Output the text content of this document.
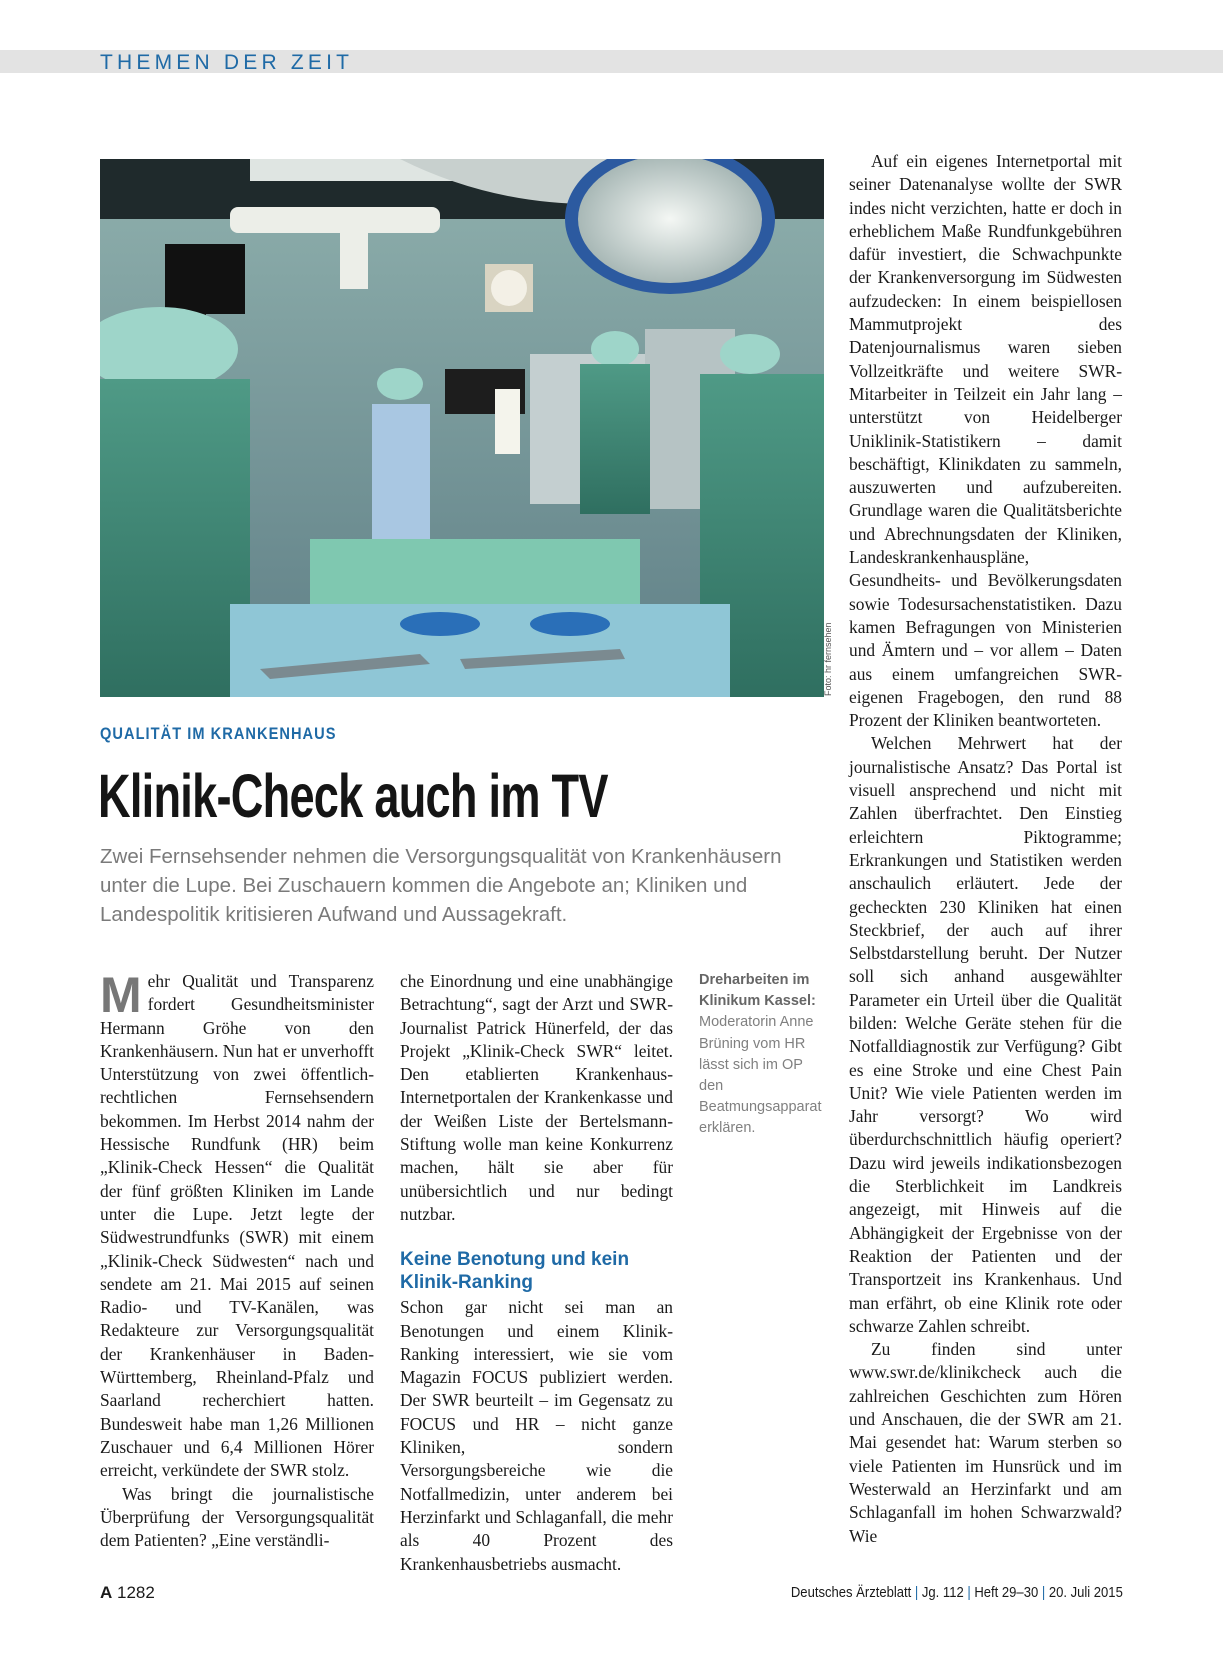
THEMEN DER ZEIT
Foto: hr fernsehen
QUALITÄT IM KRANKENHAUS
Klinik-Check auch im TV
Zwei Fernsehsender nehmen die Versorgungsqualität von Krankenhäusern unter die Lupe. Bei Zuschauern kommen die Angebote an; Kliniken und Landespolitik kritisieren Aufwand und Aussagekraft.

Mehr Qualität und Transparenz fordert Gesundheitsminister Hermann Gröhe von den Krankenhäusern. Nun hat er unverhofft Unterstützung von zwei öffentlich-rechtlichen Fernsehsendern bekommen. Im Herbst 2014 nahm der Hessische Rundfunk (HR) beim „Klinik-Check Hessen“ die Qualität der fünf größten Kliniken im Lande unter die Lupe. Jetzt legte der Südwestrundfunks (SWR) mit einem „Klinik-Check Südwesten“ nach und sendete am 21. Mai 2015 auf seinen Radio- und TV-Kanälen, was Redakteure zur Versorgungsqualität der Krankenhäuser in Baden-Württemberg, Rheinland-Pfalz und Saarland recherchiert hatten. Bundesweit habe man 1,26 Millionen Zuschauer und 6,4 Millionen Hörer erreicht, verkündete der SWR stolz.

Was bringt die journalistische Überprüfung der Versorgungsqualität dem Patienten? „Eine verständli-

che Einordnung und eine unabhängige Betrachtung“, sagt der Arzt und SWR-Journalist Patrick Hünerfeld, der das Projekt „Klinik-Check SWR“ leitet. Den etablierten Krankenhaus-Internetportalen der Krankenkasse und der Weißen Liste der Bertelsmann-Stiftung wolle man keine Konkurrenz machen, hält sie aber für unübersichtlich und nur bedingt nutzbar.

Keine Benotung und kein Klinik-Ranking

Schon gar nicht sei man an Benotungen und einem Klinik-Ranking interessiert, wie sie vom Magazin FOCUS publiziert werden. Der SWR beurteilt – im Gegensatz zu FOCUS und HR – nicht ganze Kliniken, sondern Versorgungsbereiche wie die Notfallmedizin, unter anderem bei Herzinfarkt und Schlaganfall, die mehr als 40 Prozent des Krankenhausbetriebs ausmacht.

Dreharbeiten im Klinikum Kassel:
Moderatorin Anne Brüning vom HR lässt sich im OP den Beatmungsapparat erklären.

Auf ein eigenes Internetportal mit seiner Datenanalyse wollte der SWR indes nicht verzichten, hatte er doch in erheblichem Maße Rundfunkgebühren dafür investiert, die Schwachpunkte der Krankenversorgung im Südwesten aufzudecken: In einem beispiellosen Mammutprojekt des Datenjournalismus waren sieben Vollzeitkräfte und weitere SWR-Mitarbeiter in Teilzeit ein Jahr lang – unterstützt von Heidelberger Uniklinik-Statistikern – damit beschäftigt, Klinikdaten zu sammeln, auszuwerten und aufzubereiten. Grundlage waren die Qualitätsberichte und Abrechnungsdaten der Kliniken, Landeskrankenhauspläne, Gesundheits- und Bevölkerungsdaten sowie Todesursachenstatistiken. Dazu kamen Befragungen von Ministerien und Ämtern und – vor allem – Daten aus einem umfangreichen SWR-eigenen Fragebogen, den rund 88 Prozent der Kliniken beantworteten.

Welchen Mehrwert hat der journalistische Ansatz? Das Portal ist visuell ansprechend und nicht mit Zahlen überfrachtet. Den Einstieg erleichtern Piktogramme; Erkrankungen und Statistiken werden anschaulich erläutert. Jede der gecheckten 230 Kliniken hat einen Steckbrief, der auch auf ihrer Selbstdarstellung beruht. Der Nutzer soll sich anhand ausgewählter Parameter ein Urteil über die Qualität bilden: Welche Geräte stehen für die Notfalldiagnostik zur Verfügung? Gibt es eine Stroke und eine Chest Pain Unit? Wie viele Patienten werden im Jahr versorgt? Wo wird überdurchschnittlich häufig operiert? Dazu wird jeweils indikationsbezogen die Sterblichkeit im Landkreis angezeigt, mit Hinweis auf die Abhängigkeit der Ergebnisse von der Reaktion der Patienten und der Transportzeit ins Krankenhaus. Und man erfährt, ob eine Klinik rote oder schwarze Zahlen schreibt.

Zu finden sind unter www.swr.de/klinikcheck auch die zahlreichen Geschichten zum Hören und Anschauen, die der SWR am 21. Mai gesendet hat: Warum sterben so viele Patienten im Hunsrück und im Westerwald an Herzinfarkt und am Schlaganfall im hohen Schwarzwald? Wie

A 1282	Deutsches Ärzteblatt | Jg. 112 | Heft 29–30 | 20. Juli 2015
